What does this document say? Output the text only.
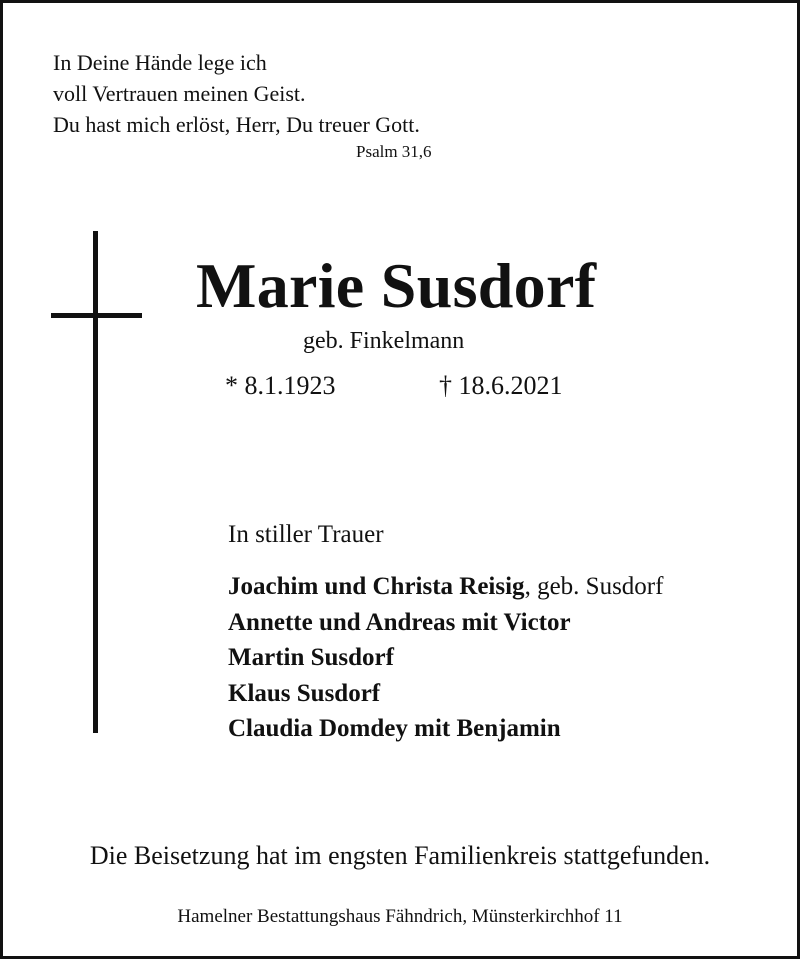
In Deine Hände lege ich
voll Vertrauen meinen Geist.
Du hast mich erlöst, Herr, Du treuer Gott.
Psalm 31,6
Marie Susdorf
geb. Finkelmann
* 8.1.1923	† 18.6.2021
In stiller Trauer
Joachim und Christa Reisig, geb. Susdorf
Annette und Andreas mit Victor
Martin Susdorf
Klaus Susdorf
Claudia Domdey mit Benjamin
Die Beisetzung hat im engsten Familienkreis stattgefunden.
Hamelner Bestattungshaus Fähndrich, Münsterkirchhof 11
